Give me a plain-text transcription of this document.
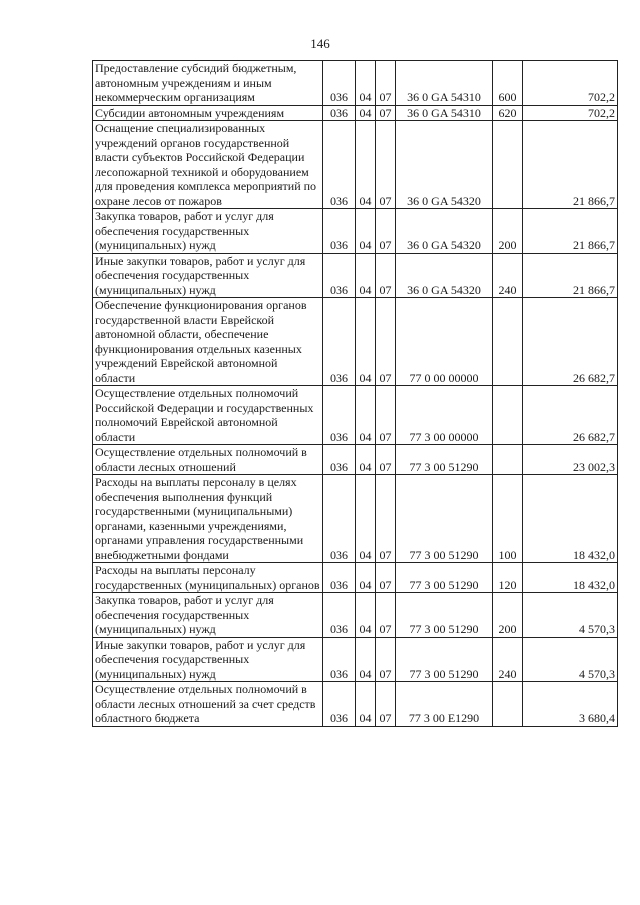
146
Предоставление субсидий бюджетным, автономным учреждениям и иным некоммерческим организациям	036	04	07	36 0 GA 54310	600	702,2
Субсидии автономным учреждениям	036	04	07	36 0 GA 54310	620	702,2
Оснащение специализированных учреждений органов государственной власти субъектов Российской Федерации лесопожарной техникой и оборудованием для проведения комплекса мероприятий по охране лесов от пожаров	036	04	07	36 0 GA 54320		21 866,7
Закупка товаров, работ и услуг для обеспечения государственных (муниципальных) нужд	036	04	07	36 0 GA 54320	200	21 866,7
Иные закупки товаров, работ и услуг для обеспечения государственных (муниципальных) нужд	036	04	07	36 0 GA 54320	240	21 866,7
Обеспечение функционирования органов государственной власти Еврейской автономной области, обеспечение функционирования отдельных казенных учреждений Еврейской автономной области	036	04	07	77 0 00 00000		26 682,7
Осуществление отдельных полномочий Российской Федерации и государственных полномочий Еврейской автономной области	036	04	07	77 3 00 00000		26 682,7
Осуществление отдельных полномочий в области лесных отношений	036	04	07	77 3 00 51290		23 002,3
Расходы на выплаты персоналу в целях обеспечения выполнения функций государственными (муниципальными) органами, казенными учреждениями, органами управления государственными внебюджетными фондами	036	04	07	77 3 00 51290	100	18 432,0
Расходы на выплаты персоналу государственных (муниципальных) органов	036	04	07	77 3 00 51290	120	18 432,0
Закупка товаров, работ и услуг для обеспечения государственных (муниципальных) нужд	036	04	07	77 3 00 51290	200	4 570,3
Иные закупки товаров, работ и услуг для обеспечения государственных (муниципальных) нужд	036	04	07	77 3 00 51290	240	4 570,3
Осуществление отдельных полномочий в области лесных отношений за счет средств областного бюджета	036	04	07	77 3 00 E1290		3 680,4
